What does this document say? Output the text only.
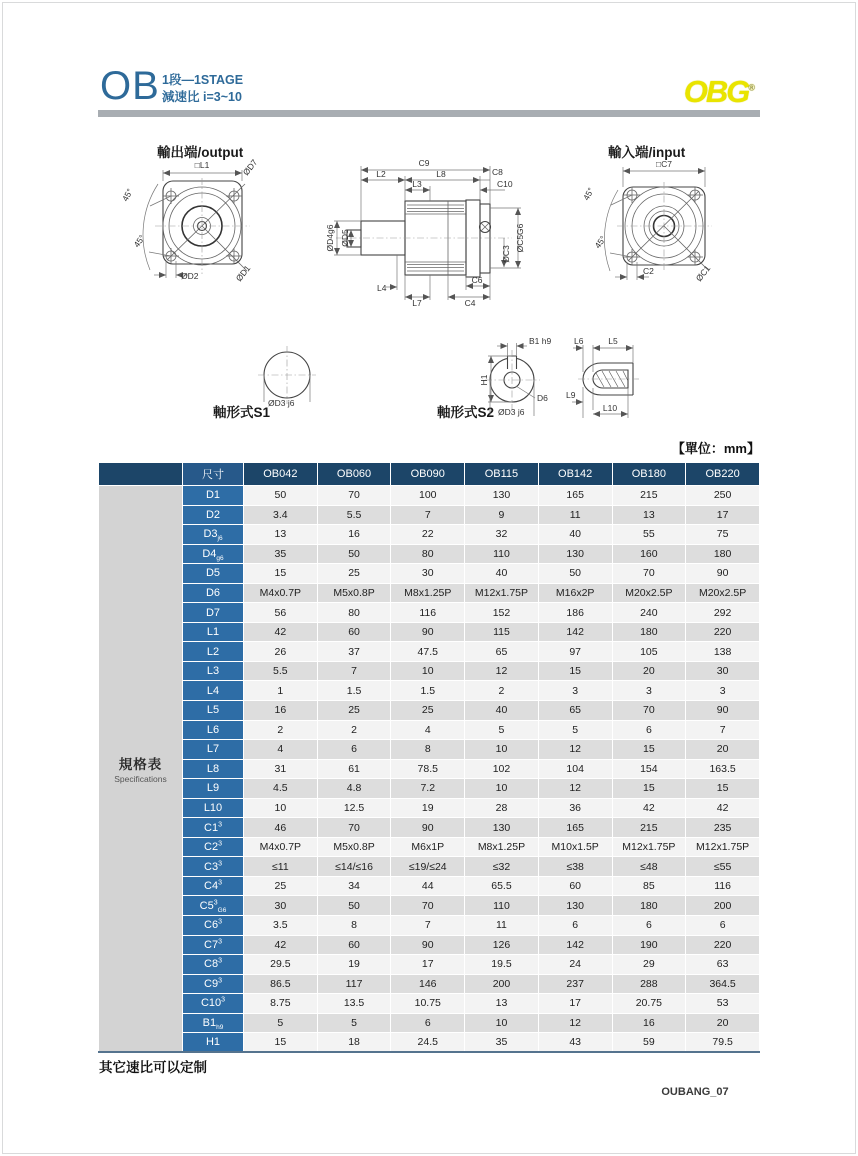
OB 1段—1STAGE
減速比 i=3~10	OBG®
輸出端/output	輸入端/input
軸形式S1	軸形式S2
□L1
45°
45°
ØD7
ØD1
ØD2
C9
L2	L8	C8
L3	C10
ØD4g6 ØD5	ØC5G6
ØC3
L4
L7
C6
C4
□C7
45°
45°
C2	ØC1
ØD3 j6
B1 h9
H1
D6
ØD3 j6
L6	L5
L9
L10
【單位：mm】
	尺寸	OB042	OB060	OB090	OB115	OB142	OB180	OB220

規格表
Specifications	D1	50	70	100	130	165	215	250
	D2	3.4	5.5	7	9	11	13	17
	$D3_{j6}$	13	16	22	32	40	55	75
	$D4_{g6}$	35	50	80	110	130	160	180
	D5	15	25	30	40	50	70	90
	D6	M4x0.7P	M5x0.8P	M8x1.25P	M12x1.75P	M16x2P	M20x2.5P	M20x2.5P
	D7	56	80	116	152	186	240	292
	L1	42	60	90	115	142	180	220
	L2	26	37	47.5	65	97	105	138
	L3	5.5	7	10	12	15	20	30
	L4	1	1.5	1.5	2	3	3	3
	L5	16	25	25	40	65	70	90
	L6	2	2	4	5	5	6	7
	L7	4	6	8	10	12	15	20
	L8	31	61	78.5	102	104	154	163.5
	L9	4.5	4.8	7.2	10	12	15	15
	L10	10	12.5	19	28	36	42	42
	$C1^3$	46	70	90	130	165	215	235
	$C2^3$	M4x0.7P	M5x0.8P	M6x1P	M8x1.25P	M10x1.5P	M12x1.75P	M12x1.75P
	$C3^3$	≤11	≤14/≤16	≤19/≤24	≤32	≤38	≤48	≤55
	$C4^3$	25	34	44	65.5	60	85	116
	$C5^3_{G6}$	30	50	70	110	130	180	200
	$C6^3$	3.5	8	7	11	6	6	6
	$C7^3$	42	60	90	126	142	190	220
	$C8^3$	29.5	19	17	19.5	24	29	63
	$C9^3$	86.5	117	146	200	237	288	364.5
	$C10^3$	8.75	13.5	10.75	13	17	20.75	53
	$B1_{h9}$	5	5	6	10	12	16	20
	H1	15	18	24.5	35	43	59	79.5
其它速比可以定制
OUBANG_07
